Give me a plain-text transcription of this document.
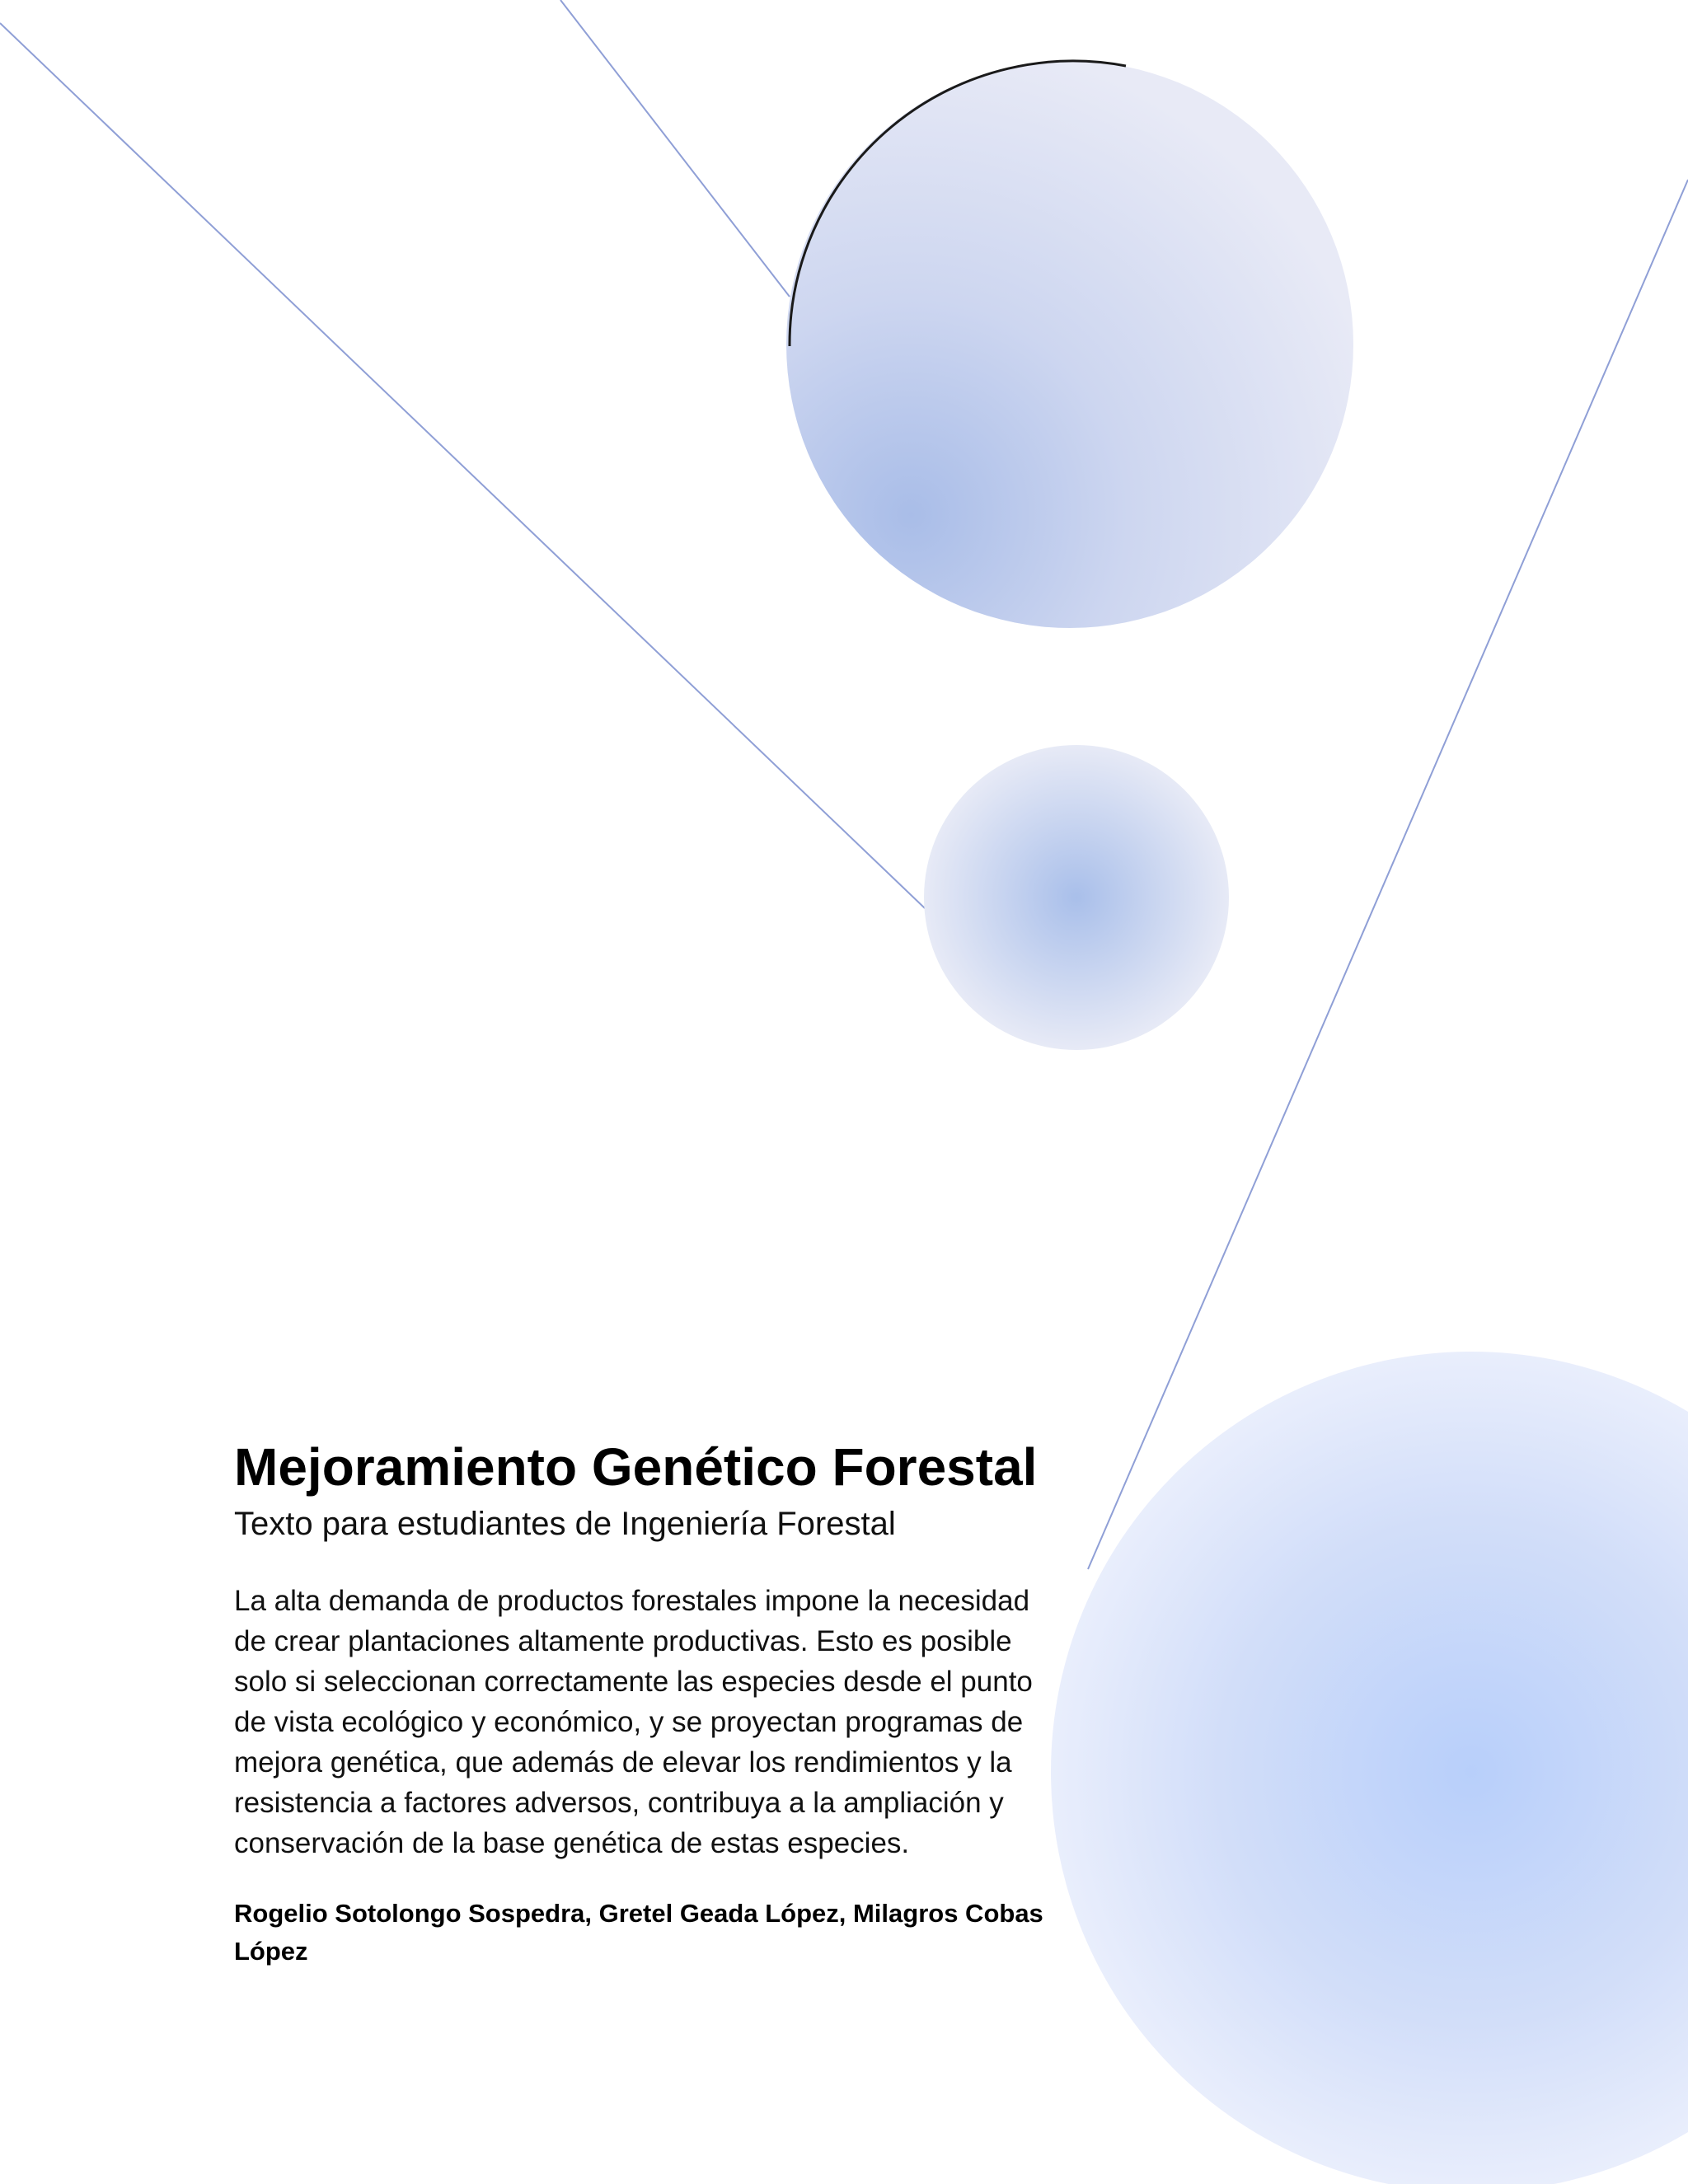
Mejoramiento Genético Forestal
Texto para estudiantes de Ingeniería Forestal

La alta demanda de productos forestales impone la necesidad de crear plantaciones altamente productivas. Esto es posible solo si seleccionan correctamente las especies desde el punto de vista ecológico y económico, y se proyectan programas de mejora genética, que además de elevar los rendimientos y la resistencia a factores adversos, contribuya a la ampliación y conservación de la base genética de estas especies.

Rogelio Sotolongo Sospedra, Gretel Geada López, Milagros Cobas López
